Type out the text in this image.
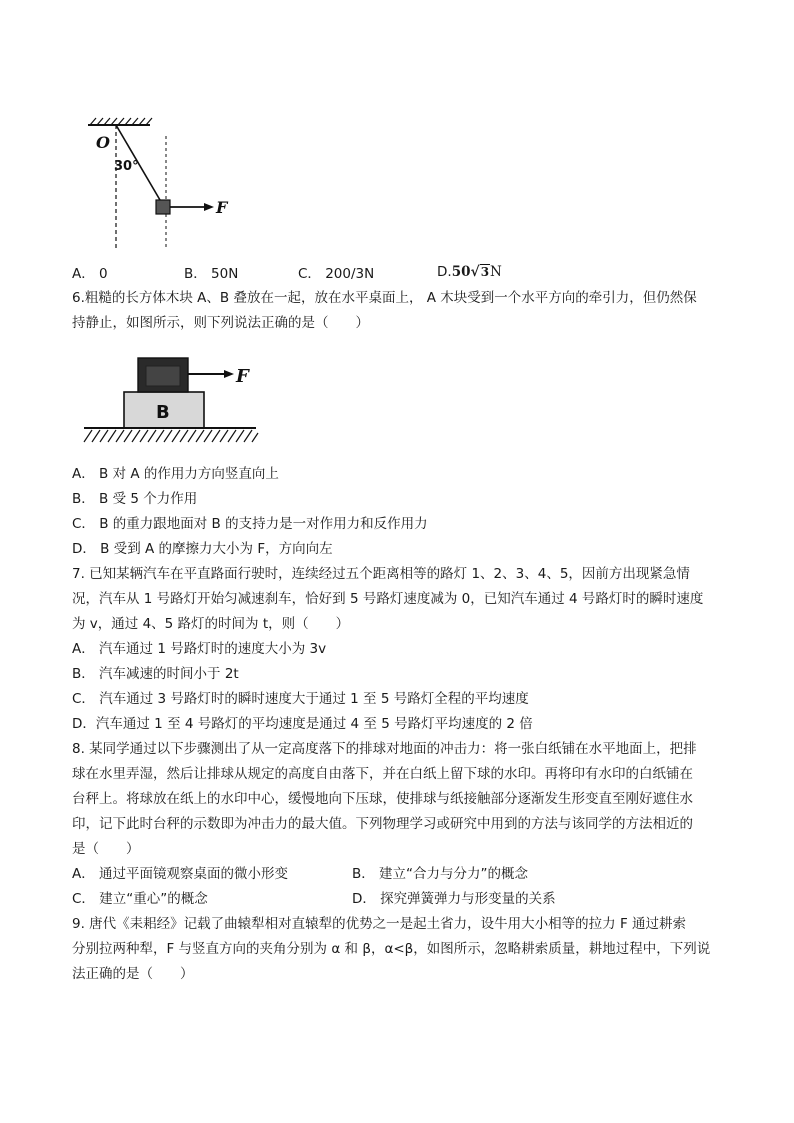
O
30°
F
A． 0	B． 50N	C． 200/3N	D.50√3N
6.粗糙的长方体木块 A、B 叠放在一起，放在水平桌面上， A 木块受到一个水平方向的牵引力，但仍然保
持静止，如图所示，则下列说法正确的是（　　）
B
F
A． B 对 A 的作用力方向竖直向上
B． B 受 5 个力作用
C． B 的重力跟地面对 B 的支持力是一对作用力和反作用力
D． B 受到 A 的摩擦力大小为 F，方向向左
7. 已知某辆汽车在平直路面行驶时，连续经过五个距离相等的路灯 1、2、3、4、5，因前方出现紧急情
况，汽车从 1 号路灯开始匀减速刹车，恰好到 5 号路灯速度减为 0，已知汽车通过 4 号路灯时的瞬时速度
为 v，通过 4、5 路灯的时间为 t，则（　　）
A． 汽车通过 1 号路灯时的速度大小为 3v
B． 汽车减速的时间小于 2t
C． 汽车通过 3 号路灯时的瞬时速度大于通过 1 至 5 号路灯全程的平均速度
D．汽车通过 1 至 4 号路灯的平均速度是通过 4 至 5 号路灯平均速度的 2 倍
8. 某同学通过以下步骤测出了从一定高度落下的排球对地面的冲击力：将一张白纸铺在水平地面上，把排
球在水里弄湿，然后让排球从规定的高度自由落下，并在白纸上留下球的水印。再将印有水印的白纸铺在
台秤上。将球放在纸上的水印中心，缓慢地向下压球，使排球与纸接触部分逐渐发生形变直至刚好遮住水
印，记下此时台秤的示数即为冲击力的最大值。下列物理学习或研究中用到的方法与该同学的方法相近的
是（　　）
A． 通过平面镜观察桌面的微小形变	B． 建立“合力与分力”的概念
C． 建立“重心”的概念	D． 探究弹簧弹力与形变量的关系
9. 唐代《耒耜经》记载了曲辕犁相对直辕犁的优势之一是起土省力，设牛用大小相等的拉力 F 通过耕索
分别拉两种犁，F 与竖直方向的夹角分别为 α 和 β，α<β，如图所示，忽略耕索质量，耕地过程中，下列说
法正确的是（　　）
